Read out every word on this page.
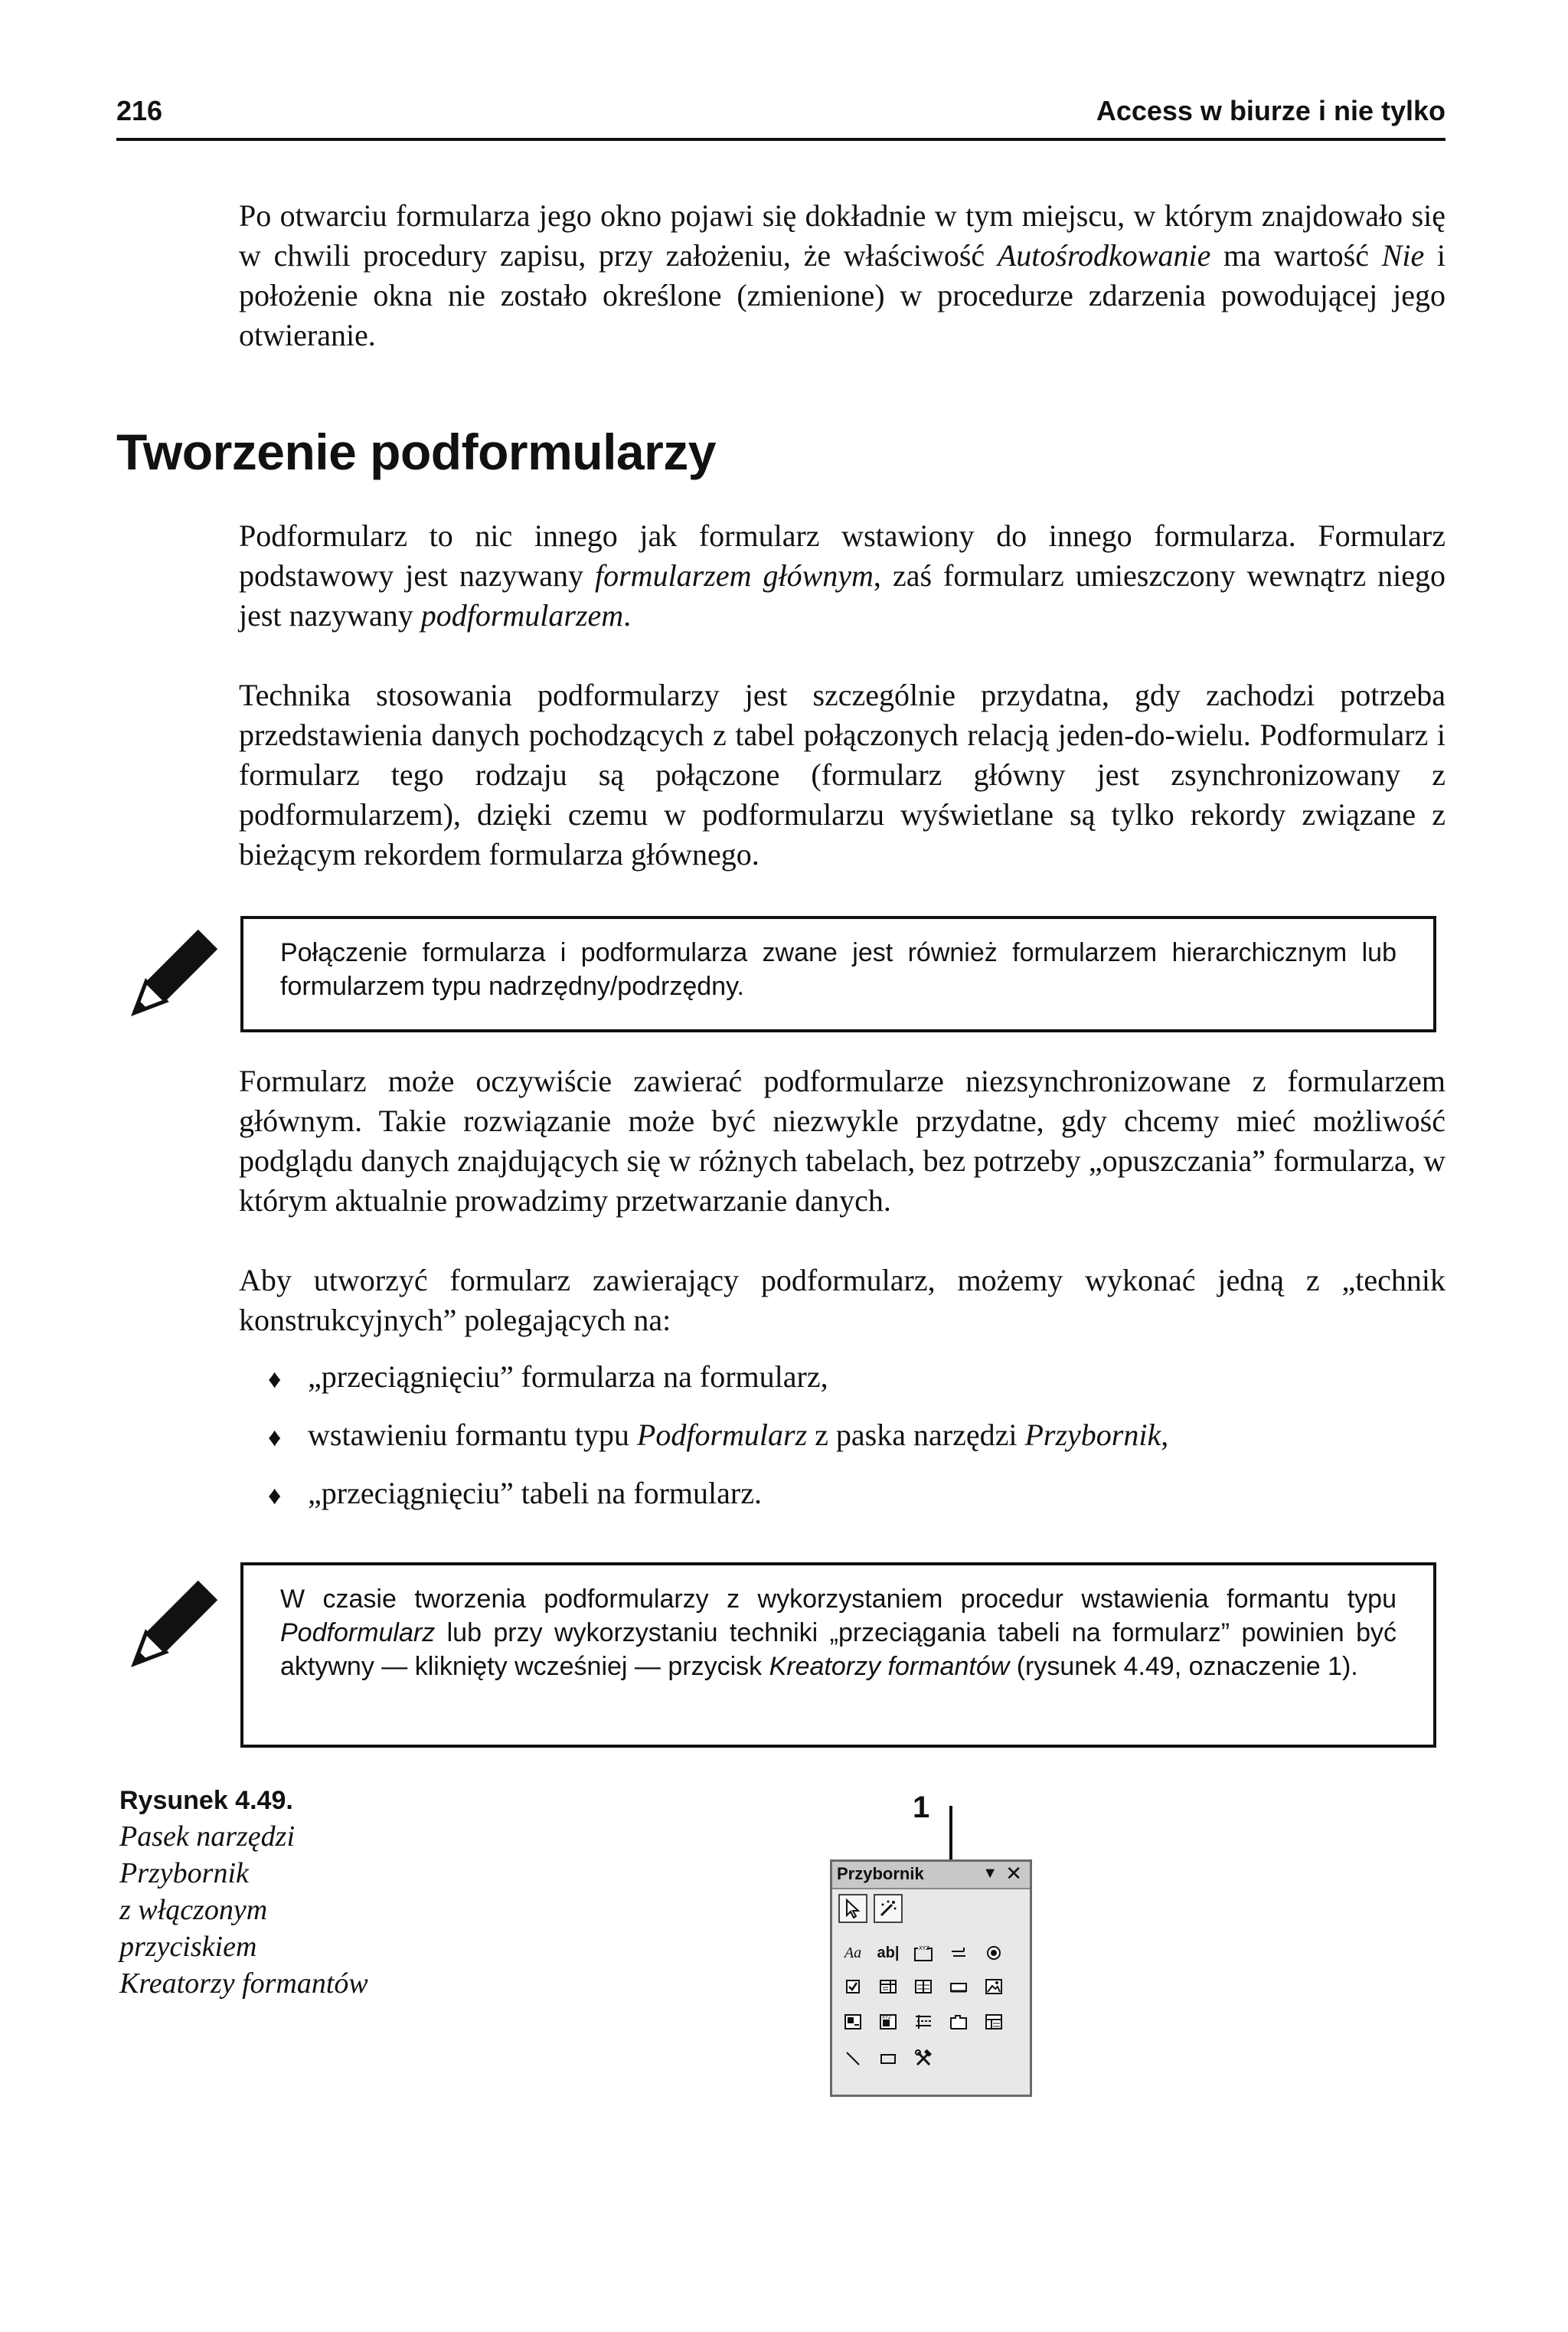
216	Access w biurze i nie tylko

Po otwarciu formularza jego okno pojawi się dokładnie w tym miejscu, w którym znajdowało się w chwili procedury zapisu, przy założeniu, że właściwość Autośrodkowanie ma wartość Nie i położenie okna nie zostało określone (zmienione) w procedurze zdarzenia powodującej jego otwieranie.

Tworzenie podformularzy

Podformularz to nic innego jak formularz wstawiony do innego formularza. Formularz podstawowy jest nazywany formularzem głównym, zaś formularz umieszczony wewnątrz niego jest nazywany podformularzem.

Technika stosowania podformularzy jest szczególnie przydatna, gdy zachodzi potrzeba przedstawienia danych pochodzących z tabel połączonych relacją jeden-do-wielu. Podformularz i formularz tego rodzaju są połączone (formularz główny jest zsynchronizowany z podformularzem), dzięki czemu w podformularzu wyświetlane są tylko rekordy związane z bieżącym rekordem formularza głównego.

Połączenie formularza i podformularza zwane jest również formularzem hierarchicznym lub formularzem typu nadrzędny/podrzędny.

Formularz może oczywiście zawierać podformularze niezsynchronizowane z formularzem głównym. Takie rozwiązanie może być niezwykle przydatne, gdy chcemy mieć możliwość podglądu danych znajdujących się w różnych tabelach, bez potrzeby „opuszczania” formularza, w którym aktualnie prowadzimy przetwarzanie danych.

Aby utworzyć formularz zawierający podformularz, możemy wykonać jedną z „technik konstrukcyjnych” polegających na:

♦ „przeciągnięciu” formularza na formularz,
♦ wstawieniu formantu typu Podformularz z paska narzędzi Przybornik,
♦ „przeciągnięciu” tabeli na formularz.

W czasie tworzenia podformularzy z wykorzystaniem procedur wstawienia formantu typu Podformularz lub przy wykorzystaniu techniki „przeciągania tabeli na formularz” powinien być aktywny — kliknięty wcześniej — przycisk Kreatorzy formantów (rysunek 4.49, oznaczenie 1).

Rysunek 4.49.
Pasek narzędzi
Przybornik
z włączonym
przyciskiem
Kreatorzy formantów
1
Przybornik	▼ ✕
Aa ab|	XYZ
XYZ
